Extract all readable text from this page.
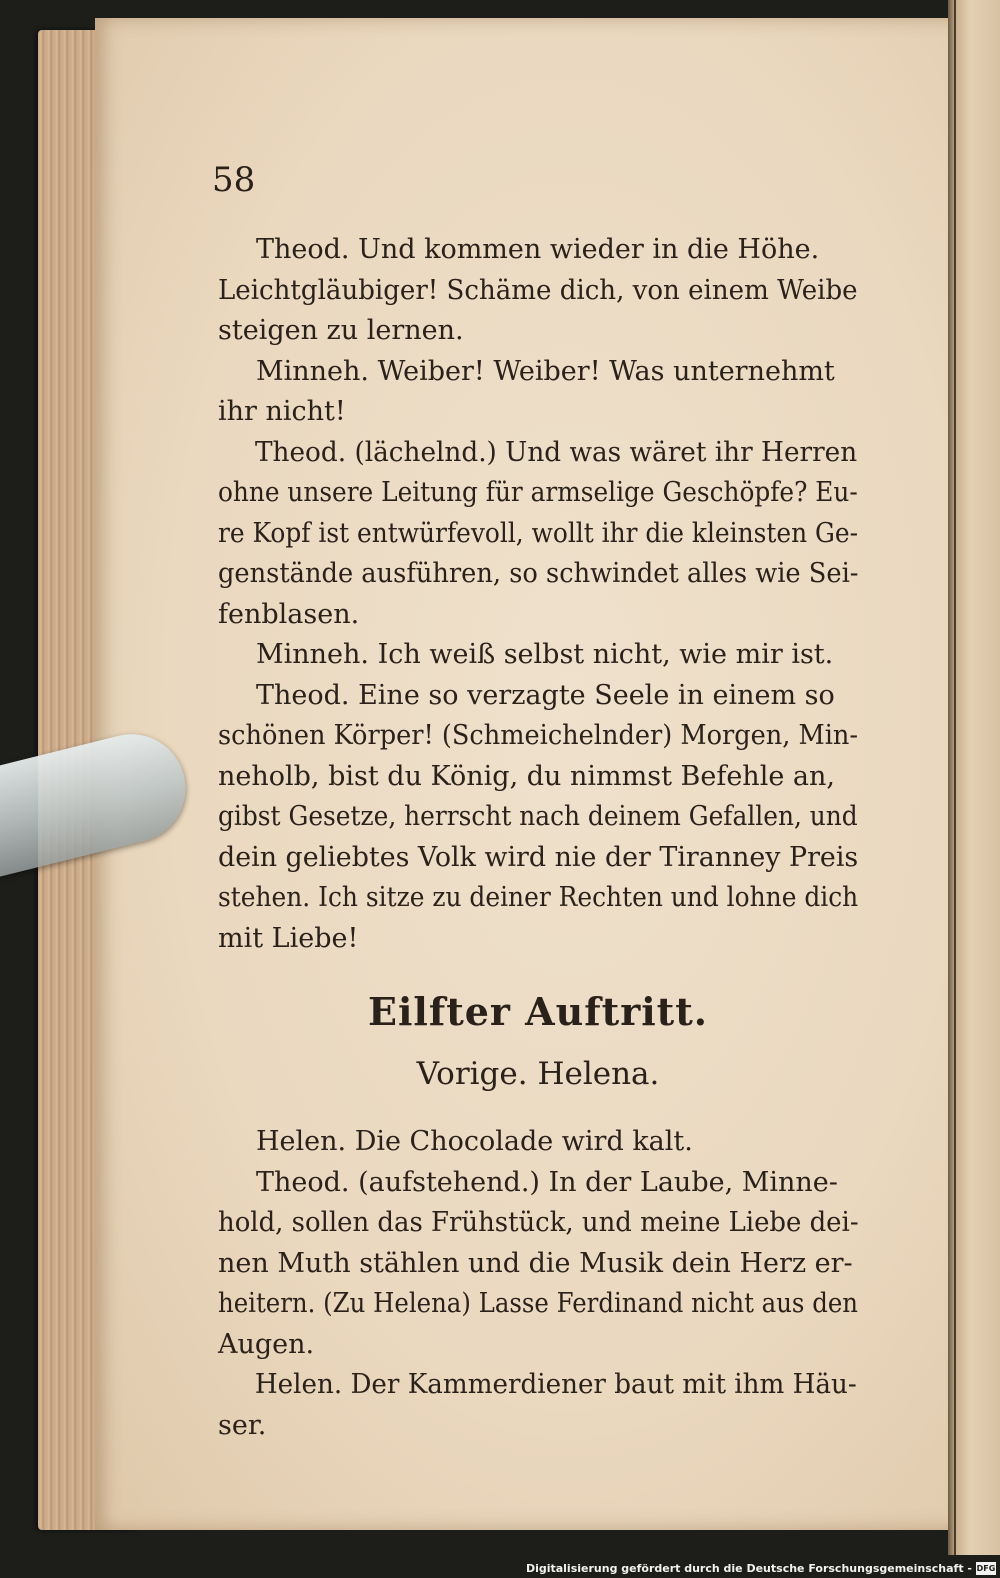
58

Theod. Und kommen wieder in die Höhe.
Leichtgläubiger! Schäme dich, von einem Weibe
steigen zu lernen.
Minneh. Weiber! Weiber! Was unternehmt
ihr nicht!
Theod. (lächelnd.) Und was wäret ihr Herren
ohne unsere Leitung für armselige Geschöpfe? Eu-
re Kopf ist entwürfevoll, wollt ihr die kleinsten Ge-
genstände ausführen, so schwindet alles wie Sei-
fenblasen.
Minneh. Ich weiß selbst nicht, wie mir ist.
Theod. Eine so verzagte Seele in einem so
schönen Körper! (Schmeichelnder) Morgen, Min-
neholb, bist du König, du nimmst Befehle an,
gibst Gesetze, herrscht nach deinem Gefallen, und
dein geliebtes Volk wird nie der Tiranney Preis
stehen. Ich sitze zu deiner Rechten und lohne dich
mit Liebe!

Eilfter Auftritt.

Vorige. Helena.

Helen. Die Chocolade wird kalt.
Theod. (aufstehend.) In der Laube, Minne-
hold, sollen das Frühstück, und meine Liebe dei-
nen Muth stählen und die Musik dein Herz er-
heitern. (Zu Helena) Lasse Ferdinand nicht aus den
Augen.
Helen. Der Kammerdiener baut mit ihm Häu-
ser.

Digitalisierung gefördert durch die Deutsche Forschungsgemeinschaft - DFG
